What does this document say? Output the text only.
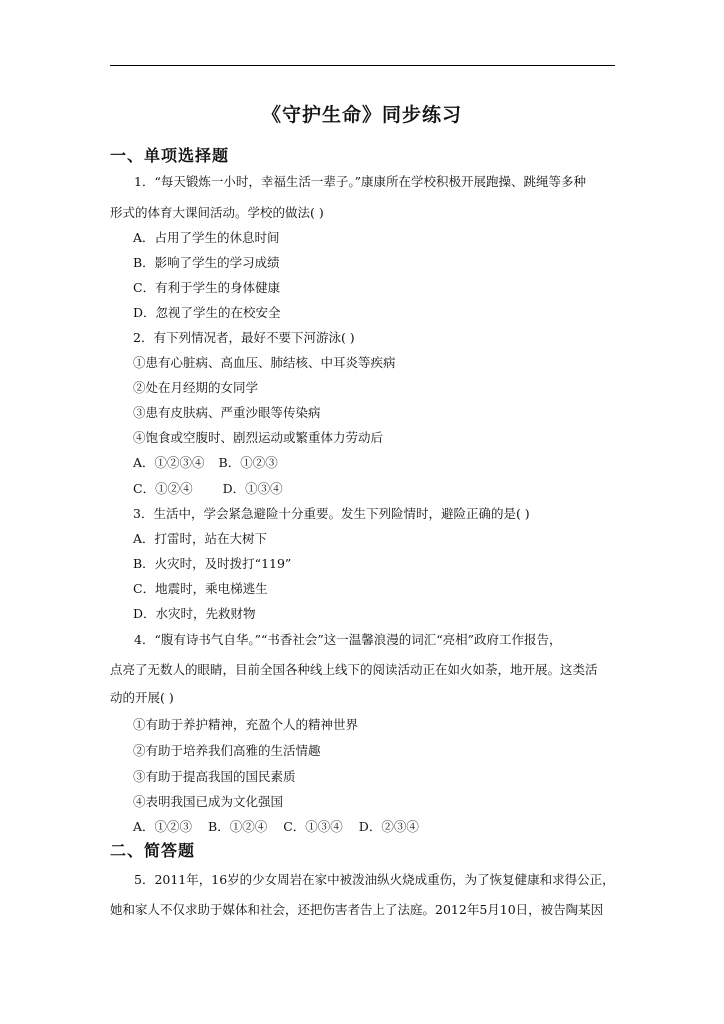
《守护生命》同步练习
一、单项选择题
1．“每天锻炼一小时，幸福生活一辈子。”康康所在学校积极开展跑操、跳绳等多种
形式的体育大课间活动。学校的做法( )
A．占用了学生的休息时间
B．影响了学生的学习成绩
C．有利于学生的身体健康
D．忽视了学生的在校安全
2．有下列情况者，最好不要下河游泳( )
①患有心脏病、高血压、肺结核、中耳炎等疾病
②处在月经期的女同学
③患有皮肤病、严重沙眼等传染病
④饱食或空腹时、剧烈运动或繁重体力劳动后
A．①②③④ B．①②③
C．①②④ D．①③④
3．生活中，学会紧急避险十分重要。发生下列险情时，避险正确的是( )
A．打雷时，站在大树下
B．火灾时，及时拨打“119”
C．地震时，乘电梯逃生
D．水灾时，先救财物
4．“腹有诗书气自华。”“书香社会”这一温馨浪漫的词汇“亮相”政府工作报告，
点亮了无数人的眼睛，目前全国各种线上线下的阅读活动正在如火如荼，地开展。这类活
动的开展( )
①有助于养护精神，充盈个人的精神世界
②有助于培养我们高雅的生活情趣
③有助于提高我国的国民素质
④表明我国已成为文化强国
A．①②③ B．①②④ C．①③④ D．②③④
二、简答题
5．2011年，16岁的少女周岩在家中被泼油纵火烧成重伤，为了恢复健康和求得公正，
她和家人不仅求助于媒体和社会，还把伤害者告上了法庭。2012年5月10日，被告陶某因
